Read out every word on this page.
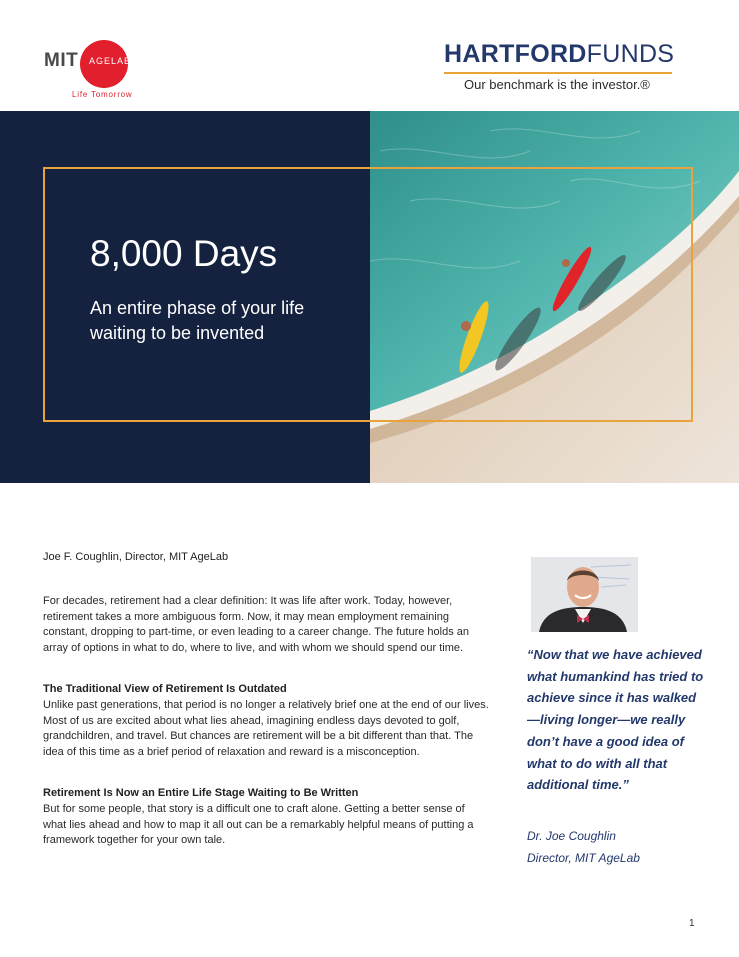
MIT	AGELAB
Life Tomorrow
HARTFORDFUNDS
Our benchmark is the investor.®
8,000 Days
An entire phase of your life waiting to be invented
Joe F. Coughlin, Director, MIT AgeLab

For decades, retirement had a clear definition: It was life after work. Today, however, retirement takes a more ambiguous form. Now, it may mean employment remaining constant, dropping to part-time, or even leading to a career change. The future holds an array of options in what to do, where to live, and with whom we should spend our time.

The Traditional View of Retirement Is Outdated

Unlike past generations, that period is no longer a relatively brief one at the end of our lives. Most of us are excited about what lies ahead, imagining endless days devoted to golf, grandchildren, and travel. But chances are retirement will be a bit different than that. The idea of this time as a brief period of relaxation and reward is a misconception.

Retirement Is Now an Entire Life Stage Waiting to Be Written

But for some people, that story is a difficult one to craft alone. Getting a better sense of what lies ahead and how to map it all out can be a remarkably helpful means of putting a framework together for your own tale.

“Now that we have achieved what humankind has tried to achieve since it has walked—living longer—we really don’t have a good idea of what to do with all that additional time.”
Dr. Joe Coughlin
Director, MIT AgeLab
1
